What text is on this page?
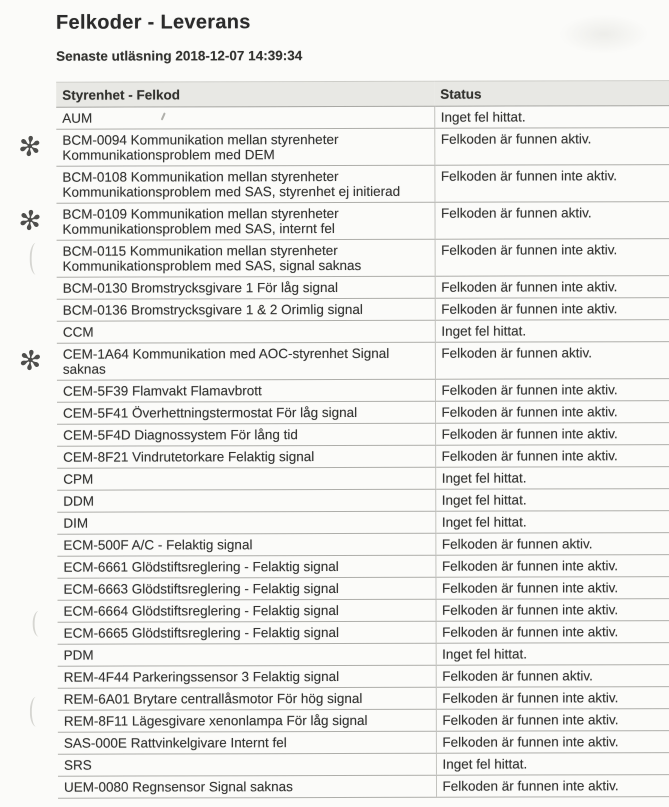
Felkoder - Leverans
Senaste utläsning 2018-12-07 14:39:34
Styrenhet - Felkod	Status

AUM	Inget fel hittat.

✻ BCM-0094 Kommunikation mellan styrenheter
Kommunikationsproblem med DEM	Felkoden är funnen aktiv.

BCM-0108 Kommunikation mellan styrenheter
Kommunikationsproblem med SAS, styrenhet ej initierad	Felkoden är funnen inte aktiv.

✻ BCM-0109 Kommunikation mellan styrenheter
Kommunikationsproblem med SAS, internt fel	Felkoden är funnen aktiv.

BCM-0115 Kommunikation mellan styrenheter
Kommunikationsproblem med SAS, signal saknas	Felkoden är funnen inte aktiv.

BCM-0130 Bromstrycksgivare 1 För låg signal	Felkoden är funnen inte aktiv.

BCM-0136 Bromstrycksgivare 1 & 2 Orimlig signal	Felkoden är funnen inte aktiv.

CCM	Inget fel hittat.

✻ CEM-1A64 Kommunikation med AOC-styrenhet Signal saknas	Felkoden är funnen aktiv.

CEM-5F39 Flamvakt Flamavbrott	Felkoden är funnen inte aktiv.

CEM-5F41 Överhettningstermostat För låg signal	Felkoden är funnen inte aktiv.

CEM-5F4D Diagnossystem För lång tid	Felkoden är funnen inte aktiv.

CEM-8F21 Vindrutetorkare Felaktig signal	Felkoden är funnen inte aktiv.

CPM	Inget fel hittat.

DDM	Inget fel hittat.

DIM	Inget fel hittat.

ECM-500F A/C - Felaktig signal	Felkoden är funnen aktiv.

ECM-6661 Glödstiftsreglering - Felaktig signal	Felkoden är funnen inte aktiv.

ECM-6663 Glödstiftsreglering - Felaktig signal	Felkoden är funnen inte aktiv.

ECM-6664 Glödstiftsreglering - Felaktig signal	Felkoden är funnen inte aktiv.

ECM-6665 Glödstiftsreglering - Felaktig signal	Felkoden är funnen inte aktiv.

PDM	Inget fel hittat.

REM-4F44 Parkeringssensor 3 Felaktig signal	Felkoden är funnen aktiv.

REM-6A01 Brytare centrallåsmotor För hög signal	Felkoden är funnen inte aktiv.

REM-8F11 Lägesgivare xenonlampa För låg signal	Felkoden är funnen inte aktiv.

SAS-000E Rattvinkelgivare Internt fel	Felkoden är funnen inte aktiv.

SRS	Inget fel hittat.

UEM-0080 Regnsensor Signal saknas	Felkoden är funnen inte aktiv.
